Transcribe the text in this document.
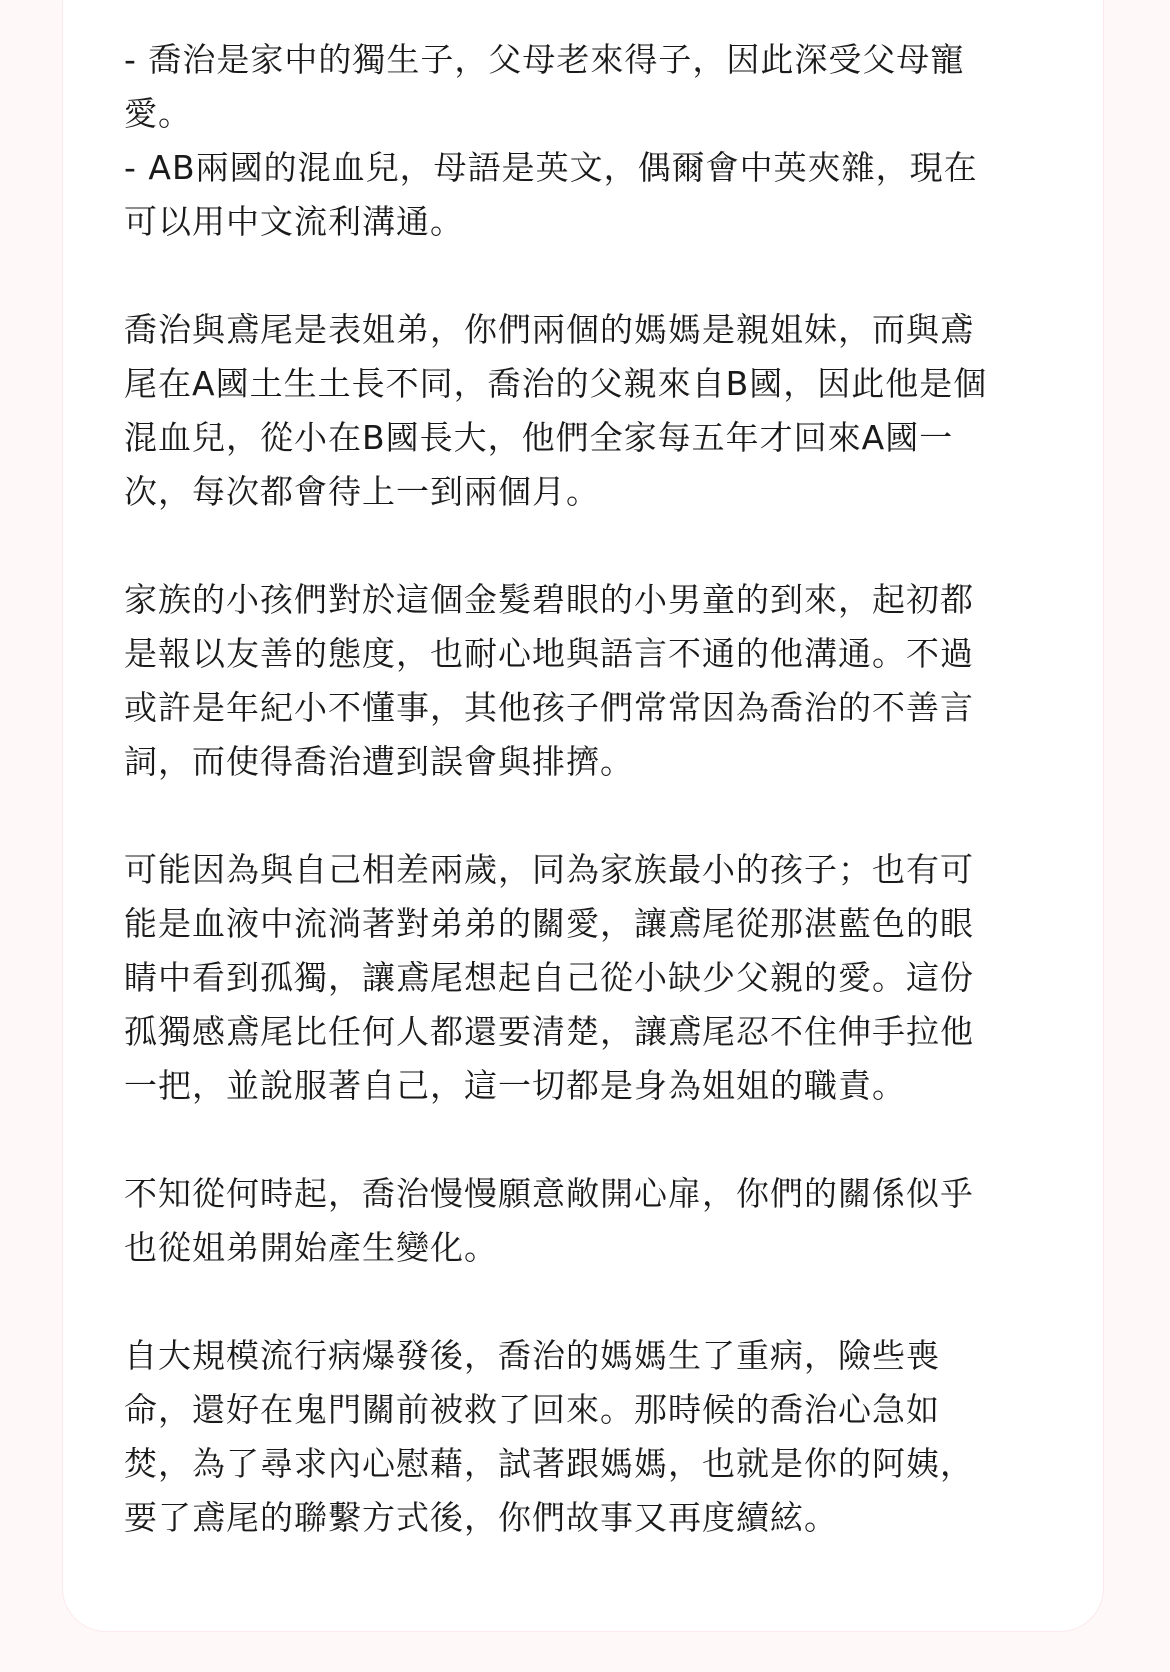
- 喬治是家中的獨生子，父母老來得子，因此深受父母寵
愛。
- AB兩國的混血兒，母語是英文，偶爾會中英夾雜，現在
可以用中文流利溝通。
喬治與鳶尾是表姐弟，你們兩個的媽媽是親姐妹，而與鳶
尾在A國土生土長不同，喬治的父親來自B國，因此他是個
混血兒，從小在B國長大，他們全家每五年才回來A國一
次，每次都會待上一到兩個月。
家族的小孩們對於這個金髮碧眼的小男童的到來，起初都
是報以友善的態度，也耐心地與語言不通的他溝通。不過
或許是年紀小不懂事，其他孩子們常常因為喬治的不善言
詞，而使得喬治遭到誤會與排擠。
可能因為與自己相差兩歲，同為家族最小的孩子；也有可
能是血液中流淌著對弟弟的關愛，讓鳶尾從那湛藍色的眼
睛中看到孤獨，讓鳶尾想起自己從小缺少父親的愛。這份
孤獨感鳶尾比任何人都還要清楚，讓鳶尾忍不住伸手拉他
一把，並說服著自己，這一切都是身為姐姐的職責。
不知從何時起，喬治慢慢願意敞開心扉，你們的關係似乎
也從姐弟開始產生變化。
自大規模流行病爆發後，喬治的媽媽生了重病，險些喪
命，還好在鬼門關前被救了回來。那時候的喬治心急如
焚，為了尋求內心慰藉，試著跟媽媽，也就是你的阿姨，
要了鳶尾的聯繫方式後，你們故事又再度續絃。
